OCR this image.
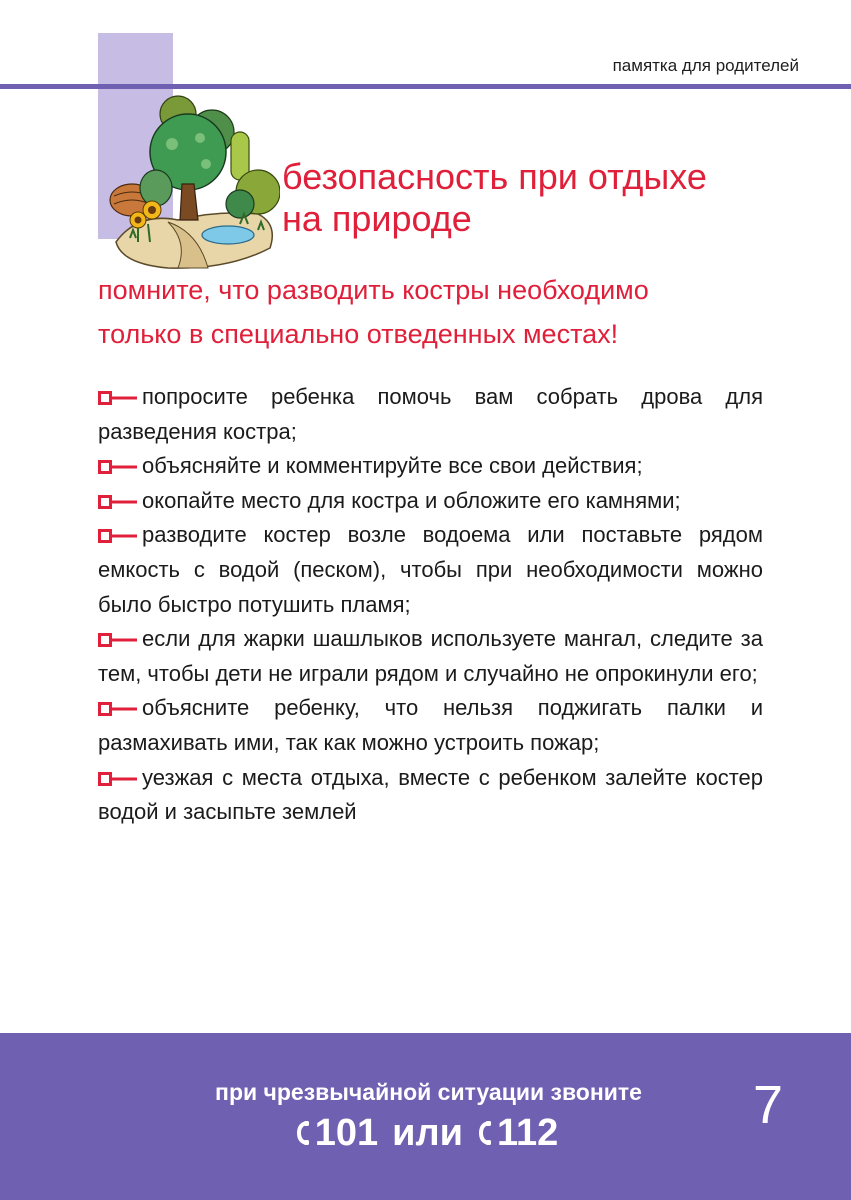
памятка для родителей
безопасность при отдыхе
на природе
помните, что разводить костры необходимо
только в специально отведенных местах!
попросите ребенка помочь вам собрать дрова для разведения костра;
объясняйте и комментируйте все свои действия;
окопайте место для костра и обложите его камнями;
разводите костер возле водоема или поставьте рядом емкость с водой (песком), чтобы при необходимости можно было быстро потушить пламя;
если для жарки шашлыков используете мангал, следите за тем, чтобы дети не играли рядом и случайно не опрокинули его;
объясните ребенку, что нельзя поджигать палки и размахивать ими, так как можно устроить пожар;
уезжая с места отдыха, вместе с ребенком залейте костер водой и засыпьте землей
при чрезвычайной ситуации звоните
101 или 112	7
